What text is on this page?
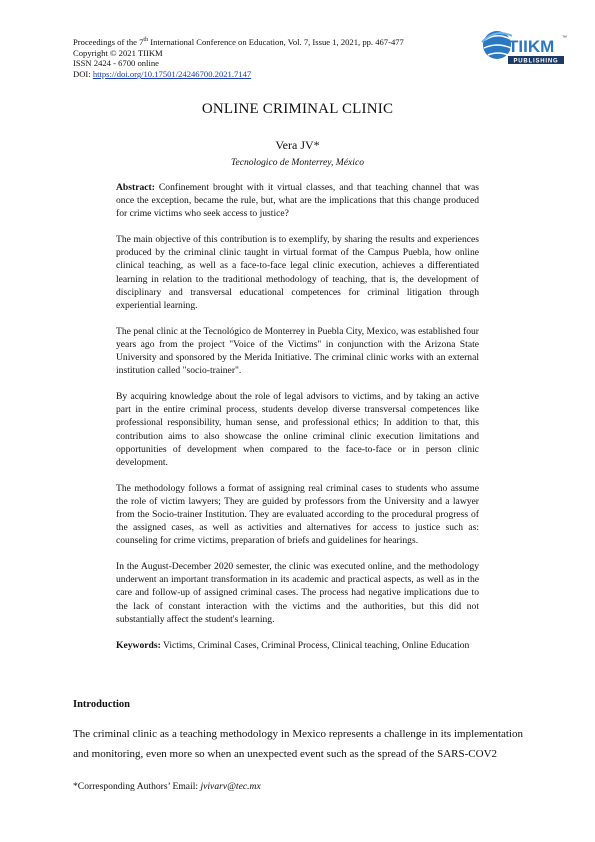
Proceedings of the 7th International Conference on Education, Vol. 7, Issue 1, 2021, pp. 467-477
Copyright © 2021 TIIKM
ISSN 2424 - 6700 online
DOI: https://doi.org/10.17501/24246700.2021.7147
TIIKM ™
PUBLISHING
ONLINE CRIMINAL CLINIC
Vera JV*
Tecnologico de Monterrey, México

Abstract: Confinement brought with it virtual classes, and that teaching channel that was once the exception, became the rule, but, what are the implications that this change produced for crime victims who seek access to justice?

The main objective of this contribution is to exemplify, by sharing the results and experiences produced by the criminal clinic taught in virtual format of the Campus Puebla, how online clinical teaching, as well as a face-to-face legal clinic execution, achieves a differentiated learning in relation to the traditional methodology of teaching, that is, the development of disciplinary and transversal educational competences for criminal litigation through experiential learning.

The penal clinic at the Tecnológico de Monterrey in Puebla City, Mexico, was established four years ago from the project "Voice of the Victims" in conjunction with the Arizona State University and sponsored by the Merida Initiative. The criminal clinic works with an external institution called "socio-trainer".

By acquiring knowledge about the role of legal advisors to victims, and by taking an active part in the entire criminal process, students develop diverse transversal competences like professional responsibility, human sense, and professional ethics; In addition to that, this contribution aims to also showcase the online criminal clinic execution limitations and opportunities of development when compared to the face-to-face or in person clinic development.

The methodology follows a format of assigning real criminal cases to students who assume the role of victim lawyers; They are guided by professors from the University and a lawyer from the Socio-trainer Institution. They are evaluated according to the procedural progress of the assigned cases, as well as activities and alternatives for access to justice such as: counseling for crime victims, preparation of briefs and guidelines for hearings.

In the August-December 2020 semester, the clinic was executed online, and the methodology underwent an important transformation in its academic and practical aspects, as well as in the care and follow-up of assigned criminal cases. The process had negative implications due to the lack of constant interaction with the victims and the authorities, but this did not substantially affect the student's learning.

Keywords: Victims, Criminal Cases, Criminal Process, Clinical teaching, Online Education

Introduction

The criminal clinic as a teaching methodology in Mexico represents a challenge in its implementation and monitoring, even more so when an unexpected event such as the spread of the SARS-COV2

*Corresponding Authors’ Email: jvivarv@tec.mx
